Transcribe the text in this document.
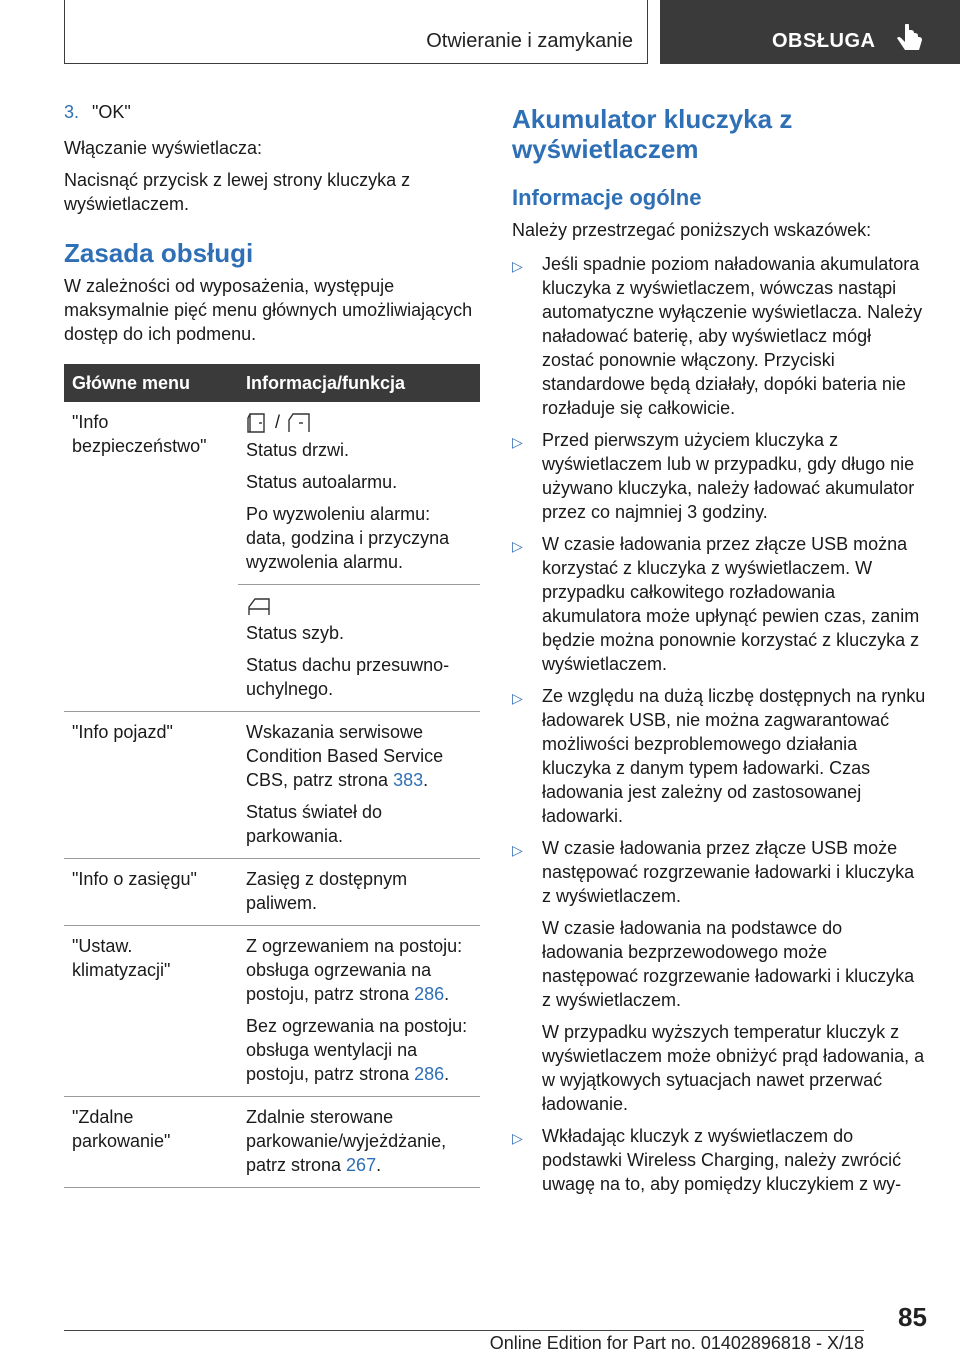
Otwieranie i zamykanie	OBSŁUGA

3. "OK"

Włączanie wyświetlacza:

Nacisnąć przycisk z lewej strony kluczyka z wyświetlaczem.

Zasada obsługi

W zależności od wyposażenia, występuje maksymalnie pięć menu głównych umożliwiających dostęp do ich podmenu.

Główne menu	Informacja/funkcja
"Info bezpieczeństwo"	/

Status drzwi.

Status autoalarmu.

Po wyzwoleniu alarmu: data, godzina i przyczyna wyzwolenia alarmu.

	Status szyb.

Status dachu przesuwno-uchylnego.

"Info pojazd"	Wskazania serwisowe Condition Based Service CBS, patrz strona 383.

Status świateł do parkowania.

"Info o zasięgu"	Zasięg z dostępnym paliwem.

"Ustaw. klimatyzacji"	Z ogrzewaniem na postoju: obsługa ogrzewania na postoju, patrz strona 286.

Bez ogrzewania na postoju: obsługa wentylacji na postoju, patrz strona 286.

"Zdalne parkowanie"	Zdalnie sterowane parkowanie/wyjeżdżanie, patrz strona 267.

Akumulator kluczyka z wyświetlaczem
Informacje ogólne

Należy przestrzegać poniższych wskazówek:

▷ Jeśli spadnie poziom naładowania akumulatora kluczyka z wyświetlaczem, wówczas nastąpi automatyczne wyłączenie wyświetlacza. Należy naładować baterię, aby wyświetlacz mógł zostać ponownie włączony. Przyciski standardowe będą działały, dopóki bateria nie rozładuje się całkowicie.
▷ Przed pierwszym użyciem kluczyka z wyświetlaczem lub w przypadku, gdy długo nie używano kluczyka, należy ładować akumulator przez co najmniej 3 godziny.
▷ W czasie ładowania przez złącze USB można korzystać z kluczyka z wyświetlaczem. W przypadku całkowitego rozładowania akumulatora może upłynąć pewien czas, zanim będzie można ponownie korzystać z kluczyka z wyświetlaczem.
▷ Ze względu na dużą liczbę dostępnych na rynku ładowarek USB, nie można zagwarantować możliwości bezproblemowego działania kluczyka z danym typem ładowarki. Czas ładowania jest zależny od zastosowanej ładowarki.
▷ W czasie ładowania przez złącze USB może następować rozgrzewanie ładowarki i kluczyka z wyświetlaczem.

W czasie ładowania na podstawce do ładowania bezprzewodowego może następować rozgrzewanie ładowarki i kluczyka z wyświetlaczem.

W przypadku wyższych temperatur kluczyk z wyświetlaczem może obniżyć prąd ładowania, a w wyjątkowych sytuacjach nawet przerwać ładowanie.

▷ Wkładając kluczyk z wyświetlaczem do podstawki Wireless Charging, należy zwrócić uwagę na to, aby pomiędzy kluczykiem z wy-
85
Online Edition for Part no. 01402896818 - X/18
